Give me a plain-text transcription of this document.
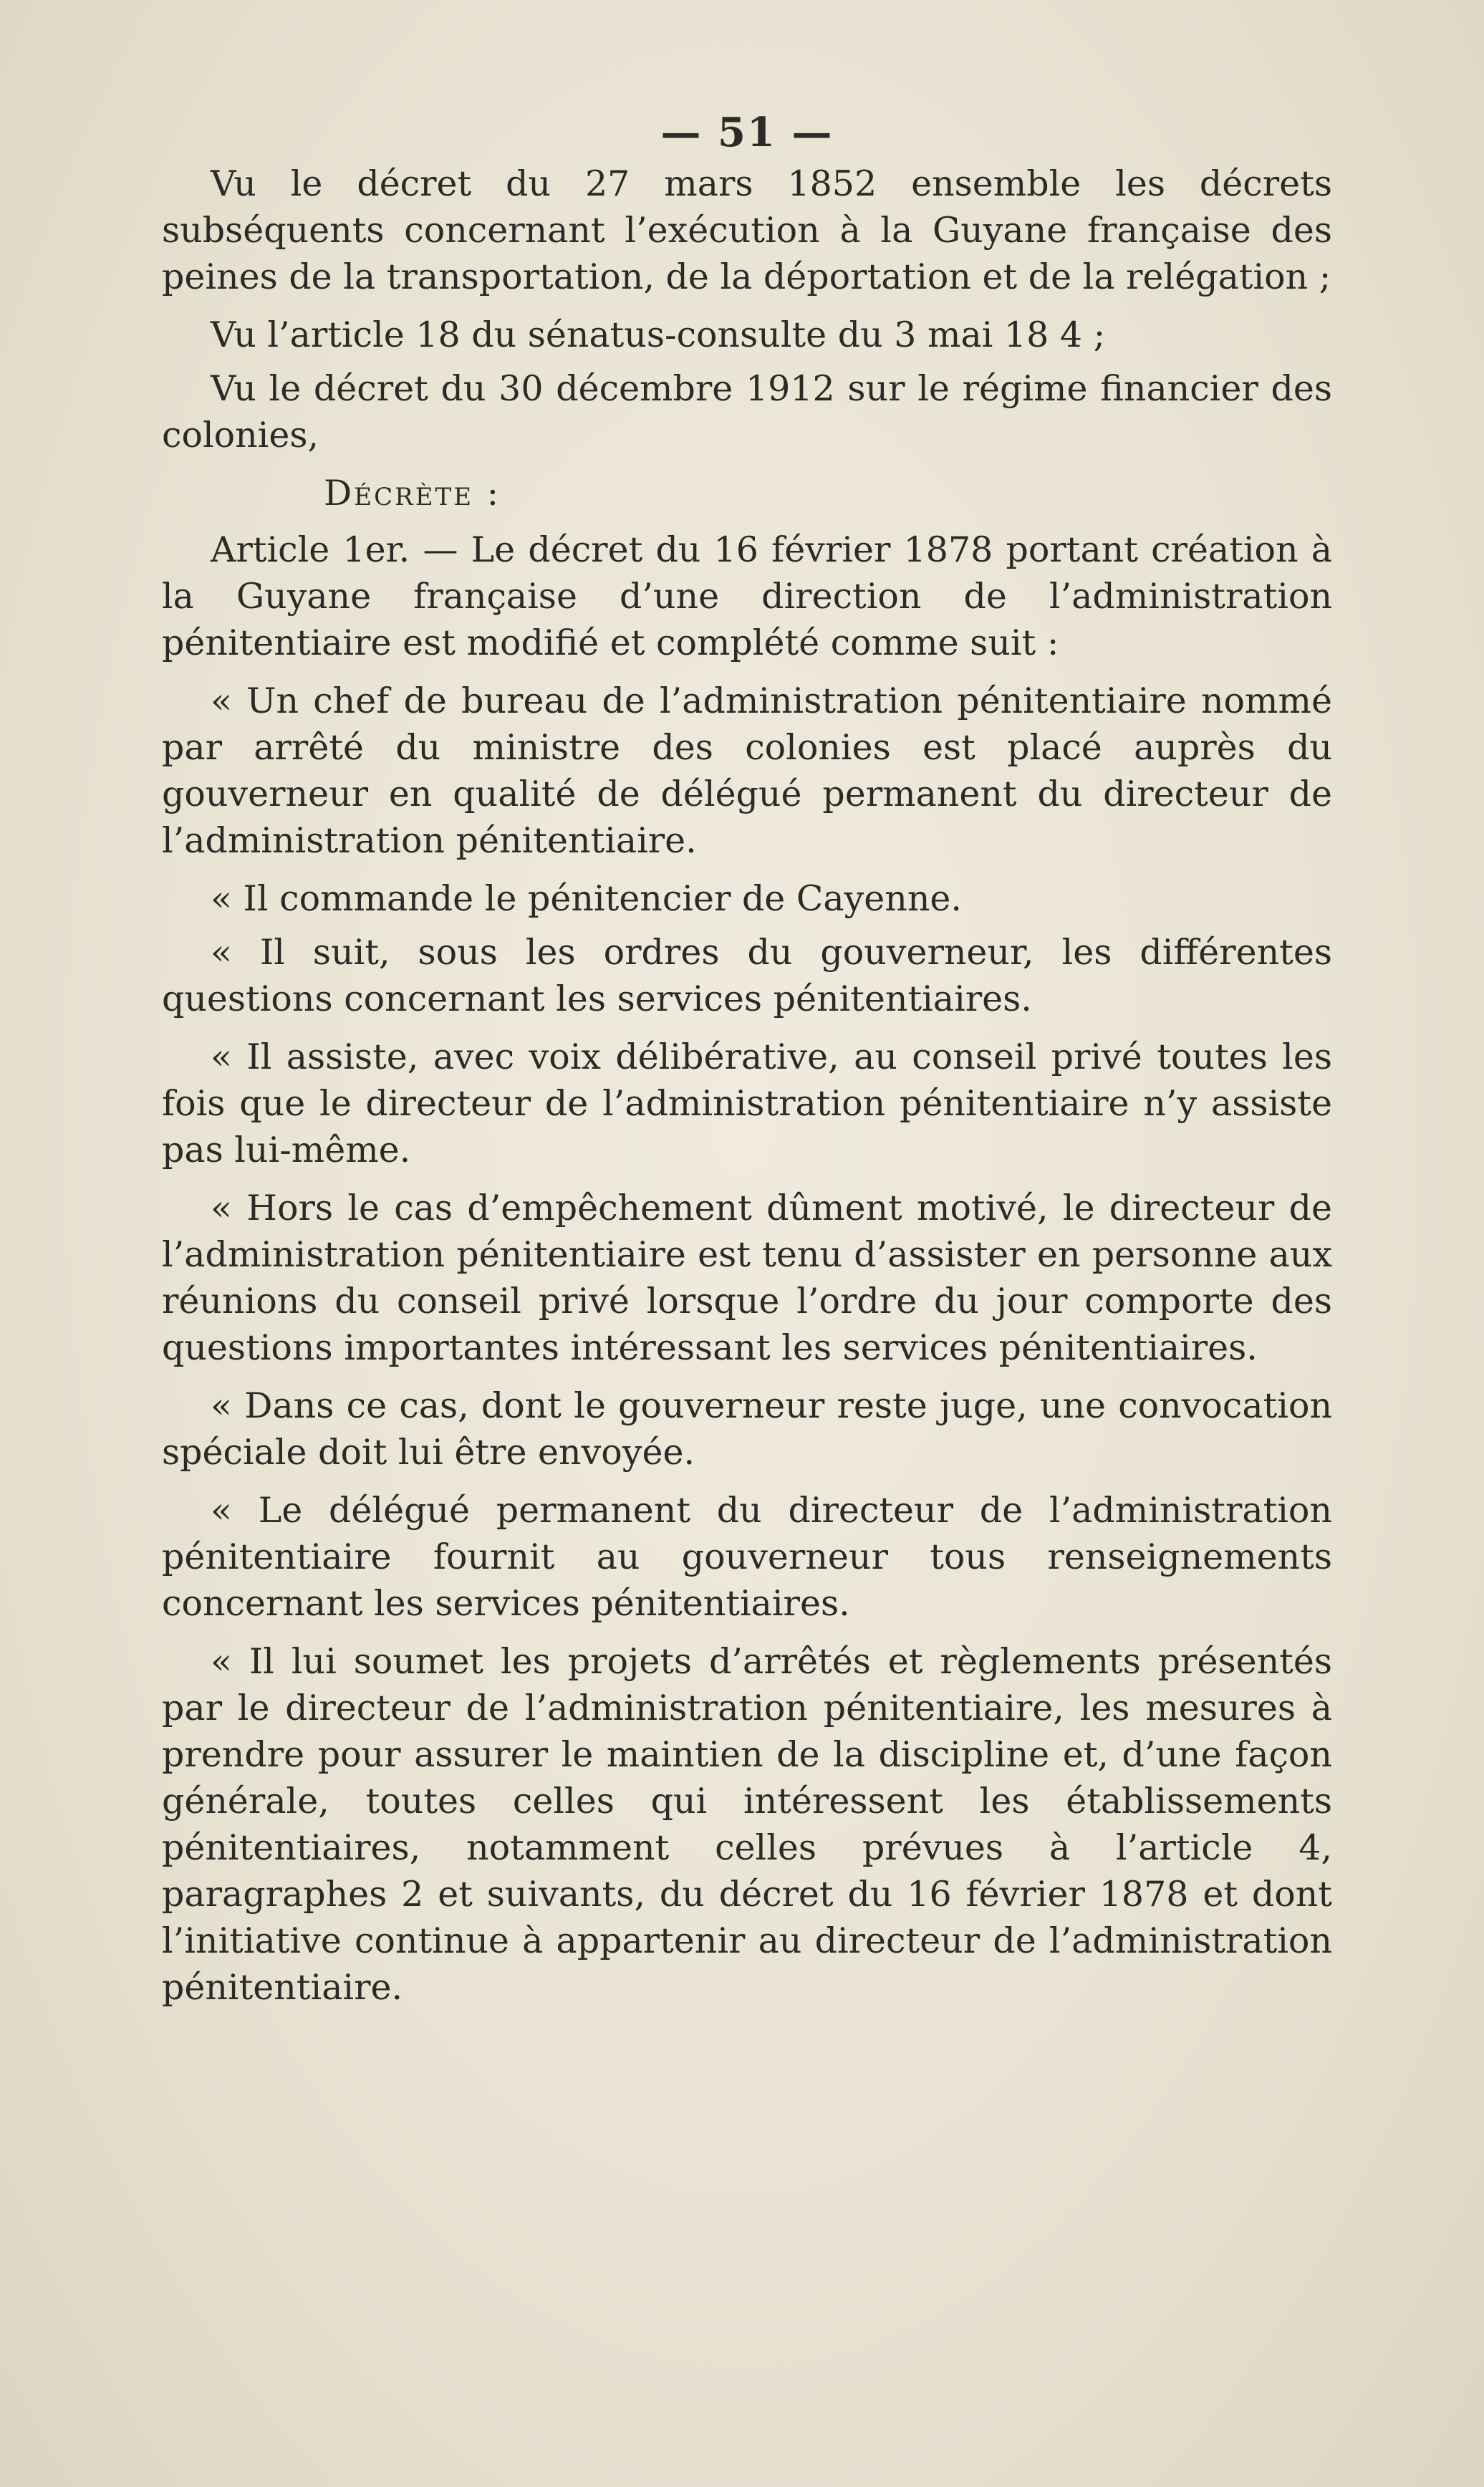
— 51 —

Vu le décret du 27 mars 1852 ensemble les décrets subséquents concernant l’exécution à la Guyane française des peines de la transportation, de la déportation et de la relégation ;

Vu l’article 18 du sénatus-consulte du 3 mai 18 4 ;

Vu le décret du 30 décembre 1912 sur le régime financier des colonies,

Décrète :

Article 1er. — Le décret du 16 février 1878 portant création à la Guyane française d’une direction de l’administration pénitentiaire est modifié et complété comme suit :

« Un chef de bureau de l’administration pénitentiaire nommé par arrêté du ministre des colonies est placé auprès du gouverneur en qualité de délégué permanent du directeur de l’administration pénitentiaire.

« Il commande le pénitencier de Cayenne.

« Il suit, sous les ordres du gouverneur, les différentes questions concernant les services pénitentiaires.

« Il assiste, avec voix délibérative, au conseil privé toutes les fois que le directeur de l’administration pénitentiaire n’y assiste pas lui-même.

« Hors le cas d’empêchement dûment motivé, le directeur de l’administration pénitentiaire est tenu d’assister en personne aux réunions du conseil privé lorsque l’ordre du jour comporte des questions importantes intéressant les services pénitentiaires.

« Dans ce cas, dont le gouverneur reste juge, une convocation spéciale doit lui être envoyée.

« Le délégué permanent du directeur de l’administration pénitentiaire fournit au gouverneur tous renseignements concernant les services pénitentiaires.

« Il lui soumet les projets d’arrêtés et règlements présentés par le directeur de l’administration pénitentiaire, les mesures à prendre pour assurer le maintien de la discipline et, d’une façon générale, toutes celles qui intéressent les établissements pénitentiaires, notamment celles prévues à l’article 4, paragraphes 2 et suivants, du décret du 16 février 1878 et dont l’initiative continue à appartenir au directeur de l’administration pénitentiaire.
